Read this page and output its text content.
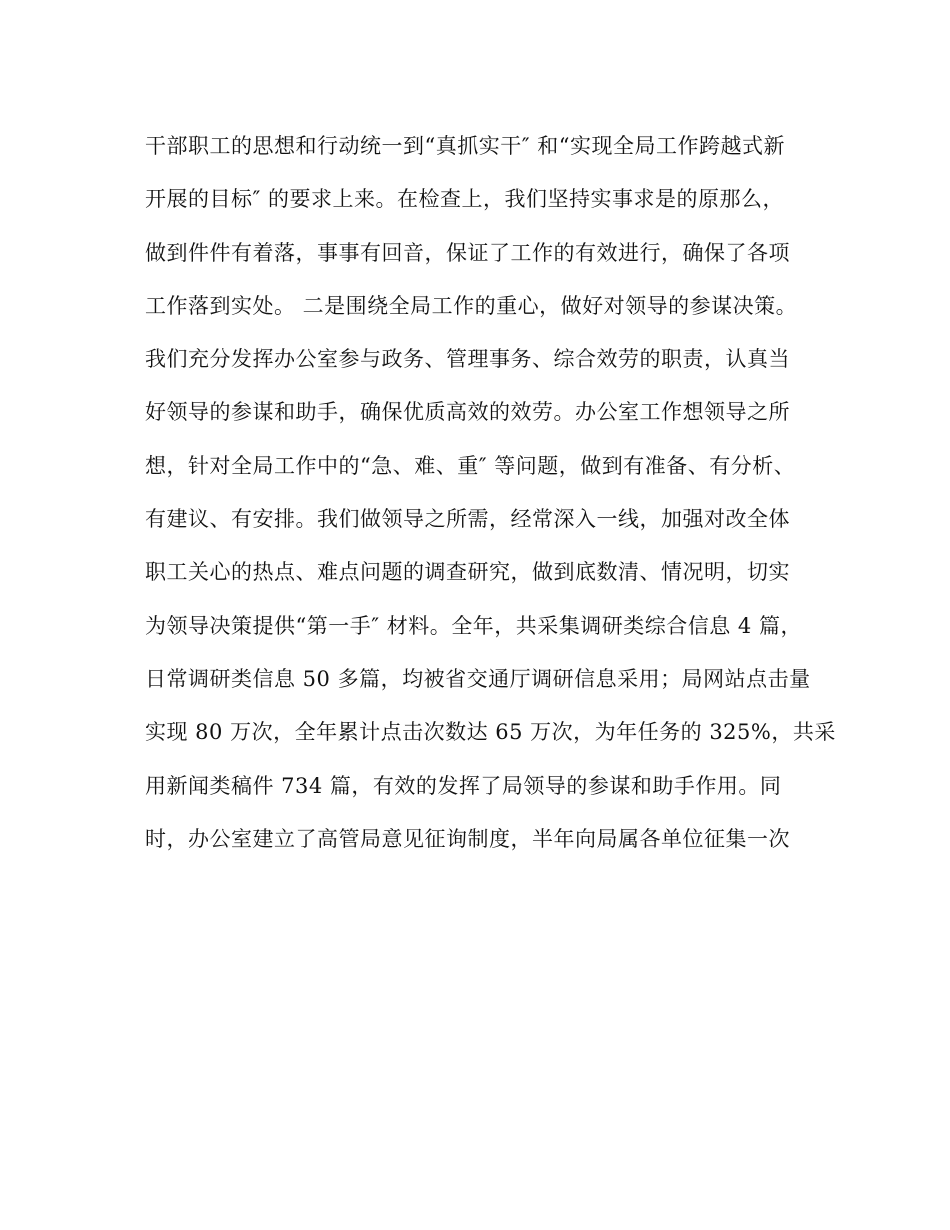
干部职工的思想和行动统一到“真抓实干″ 和“实现全局工作跨越式新
开展的目标″ 的要求上来。在检查上，我们坚持实事求是的原那么，
做到件件有着落，事事有回音，保证了工作的有效进行，确保了各项
工作落到实处。 二是围绕全局工作的重心，做好对领导的参谋决策。
我们充分发挥办公室参与政务、管理事务、综合效劳的职责，认真当
好领导的参谋和助手，确保优质高效的效劳。办公室工作想领导之所
想，针对全局工作中的“急、难、重″ 等问题，做到有准备、有分析、
有建议、有安排。我们做领导之所需，经常深入一线，加强对改全体
职工关心的热点、难点问题的调查研究，做到底数清、情况明，切实
为领导决策提供“第一手″ 材料。全年，共采集调研类综合信息 4 篇，
日常调研类信息 50 多篇，均被省交通厅调研信息采用；局网站点击量
实现 80 万次，全年累计点击次数达 65 万次，为年任务的 325%，共采
用新闻类稿件 734 篇，有效的发挥了局领导的参谋和助手作用。同
时，办公室建立了高管局意见征询制度，半年向局属各单位征集一次
